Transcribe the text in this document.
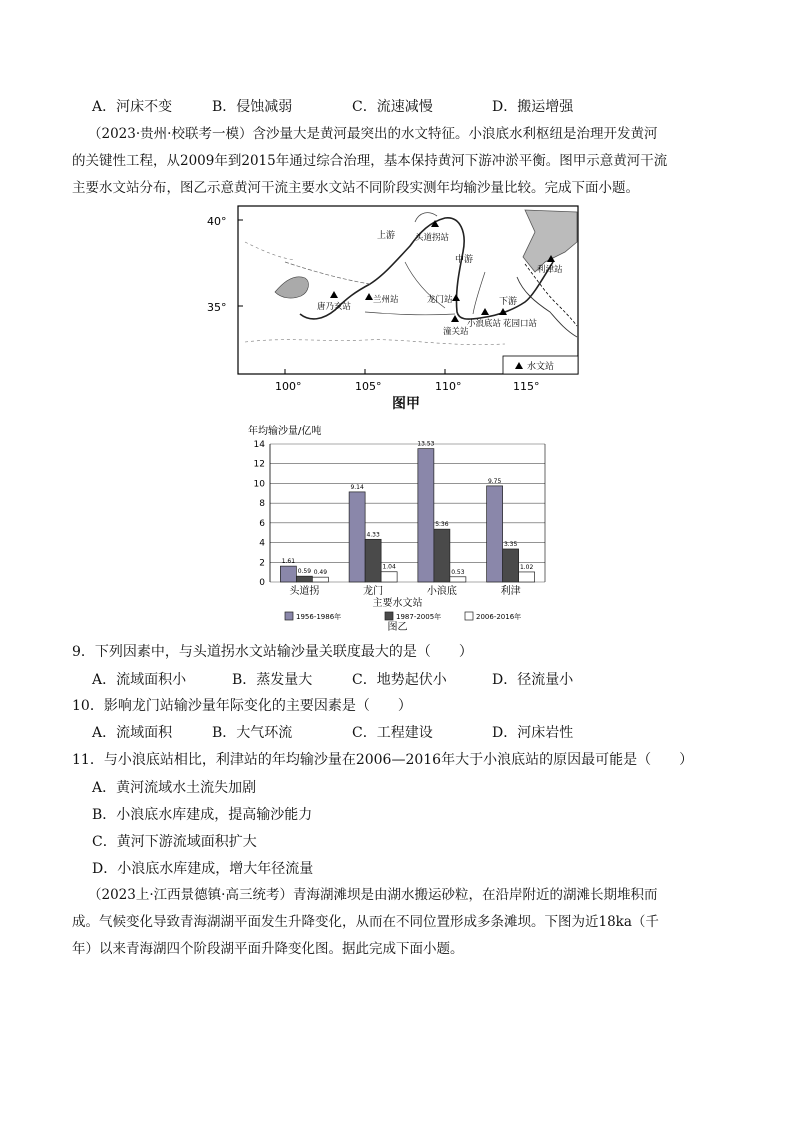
A．河床不变	B．侵蚀减弱	C．流速减慢	D．搬运增强
（2023·贵州·校联考一模）含沙量大是黄河最突出的水文特征。小浪底水利枢纽是治理开发黄河
的关键性工程，从2009年到2015年通过综合治理，基本保持黄河下游冲淤平衡。图甲示意黄河干流
主要水文站分布，图乙示意黄河干流主要水文站不同阶段实测年均输沙量比较。完成下面小题。
40°
35°
100°	105°	110°	115°
上游
中游
下游
头道拐站
唐乃亥站
兰州站	龙门站
潼关站
小浪底站 花园口站
利津站
水文站
图甲
年均输沙量/亿吨
0
2
4
6
8
10
12
14
1.61
0.59 0.49
头道拐
9.14
4.33
1.04
龙门
13.53
5.36
0.53
小浪底
9.75
3.35
1.02
利津
主要水文站
1956-1986年	1987-2005年	2006-2016年
图乙
9．下列因素中，与头道拐水文站输沙量关联度最大的是（　　）
A．流域面积小	B．蒸发量大	C．地势起伏小	D．径流量小
10．影响龙门站输沙量年际变化的主要因素是（　　）
A．流域面积	B．大气环流	C．工程建设	D．河床岩性
11．与小浪底站相比，利津站的年均输沙量在2006—2016年大于小浪底站的原因最可能是（　　）
A．黄河流域水土流失加剧
B．小浪底水库建成，提高输沙能力
C．黄河下游流域面积扩大
D．小浪底水库建成，增大年径流量
（2023上·江西景德镇·高三统考）青海湖滩坝是由湖水搬运砂粒，在沿岸附近的湖滩长期堆积而
成。气候变化导致青海湖湖平面发生升降变化，从而在不同位置形成多条滩坝。下图为近18ka（千
年）以来青海湖四个阶段湖平面升降变化图。据此完成下面小题。
